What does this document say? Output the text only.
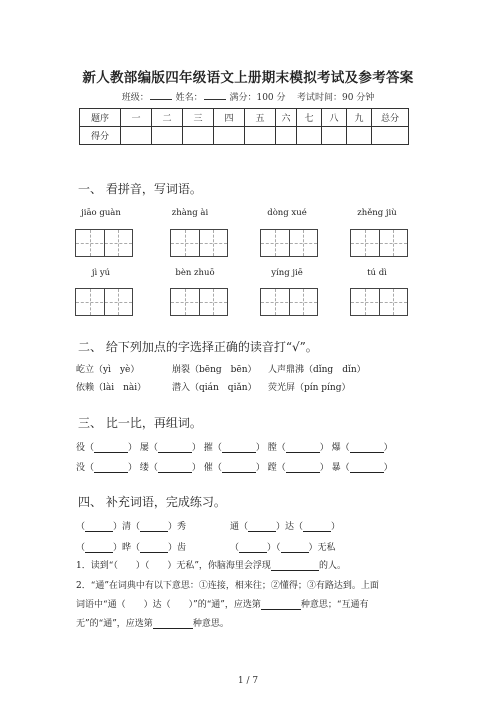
新人教部编版四年级语文上册期末模拟考试及参考答案
班级：	姓名：	满分：100 分 考试时间：90 分钟
题序	一	二	三	四	五	六	七	八	九	总分
得分										
一、 看拼音，写词语。
jiāo guàn	zhàng ài	dòng xué	zhěng jiù
jì yú	bèn zhuō	yíng jiē	tú dì
二、 给下列加点的字选择正确的读音打“√”。
屹立（yì　yè）	崩裂（bēng　bēn） 人声鼎沸（dǐng　dǐn）
依赖（lài　nài）	潜入（qián　qiǎn） 荧光屏（pín píng）
三、 比一比，再组词。
役（	） 屡（	） 摧（	） 膛（	） 爆（	）
没（	） 缕（	） 催（	） 蹚（	） 暴（	）
四、 补充词语，完成练习。
（	）清（	）秀	通（	）达（	）
（	）晔（	）齿	（	）（	）无私
1．读到“（　　）（　　）无私”，你脑海里会浮现	的人。
2．“通”在词典中有以下意思：①连接，相来往；②懂得；③有路达到。上面
词语中“通（　　）达（　　）”的“通”，应选第	种意思；“互通有
无”的“通”，应选第	种意思。
1 / 7
